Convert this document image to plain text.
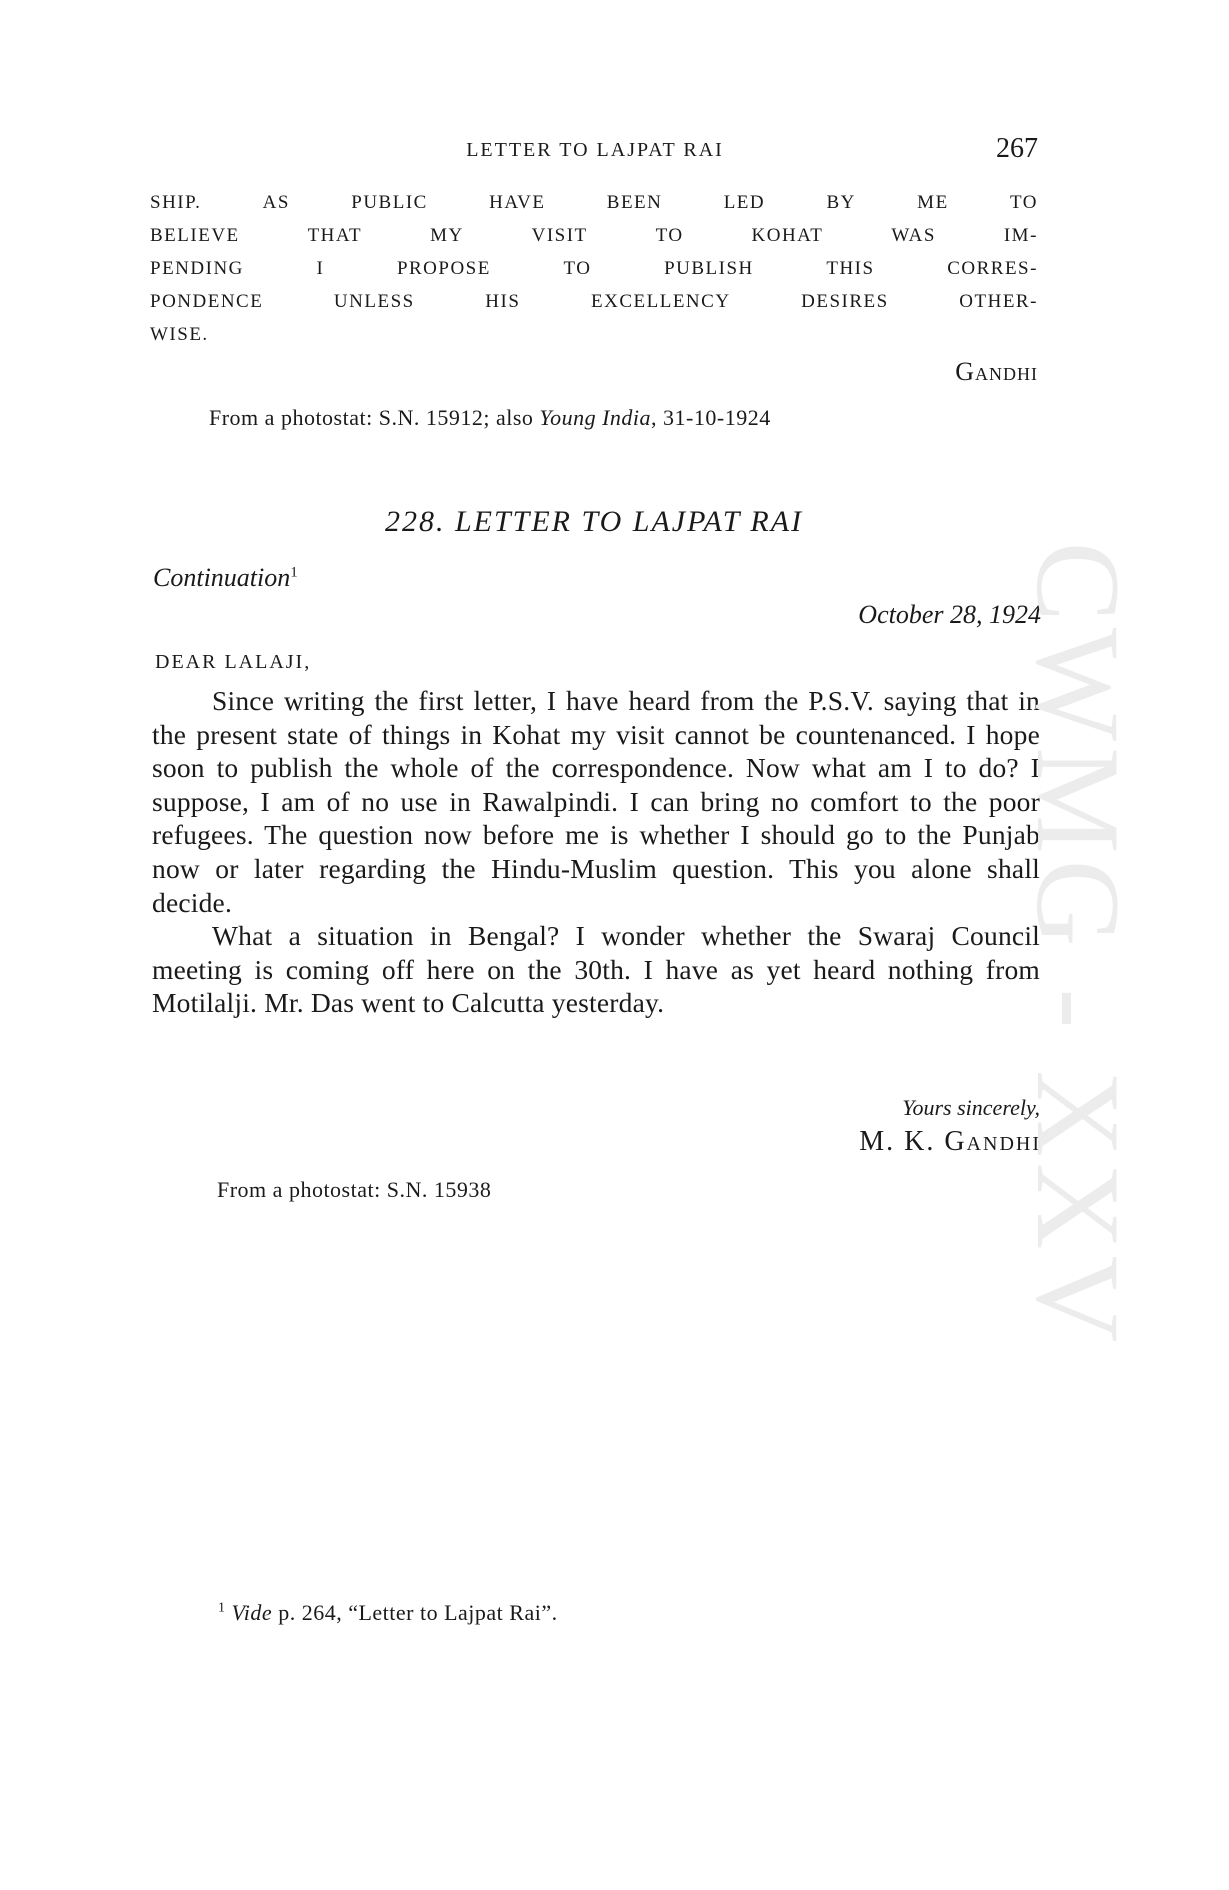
LETTER TO LAJPAT RAI	267
SHIP.	AS	PUBLIC	HAVE	BEEN	LED	BY	ME	TO
BELIEVE	THAT	MY	VISIT	TO	KOHAT	WAS	IM-
PENDING	I	PROPOSE	TO	PUBLISH	THIS	CORRES-
PONDENCE	UNLESS	HIS	EXCELLENCY	DESIRES	OTHER-
WISE.
Gandhi
From a photostat: S.N. 15912; also Young India, 31-10-1924
228. LETTER TO LAJPAT RAI
Continuation$^1$
October 28, 1924
DEAR LALAJI,

Since writing the first letter, I have heard from the P.S.V. saying that in the present state of things in Kohat my visit cannot be countenanced. I hope soon to publish the whole of the correspondence. Now what am I to do? I suppose, I am of no use in Rawalpindi. I can bring no comfort to the poor refugees. The question now before me is whether I should go to the Punjab now or later regarding the Hindu-Muslim question. This you alone shall decide.

What a situation in Bengal? I wonder whether the Swaraj Council meeting is coming off here on the 30th. I have as yet heard nothing from Motilalji. Mr. Das went to Calcutta yesterday.

Yours sincerely,
M. K. Gandhi
From a photostat: S.N. 15938
$^1$ Vide p. 264, “Letter to Lajpat Rai”.
CWMG - XXV
